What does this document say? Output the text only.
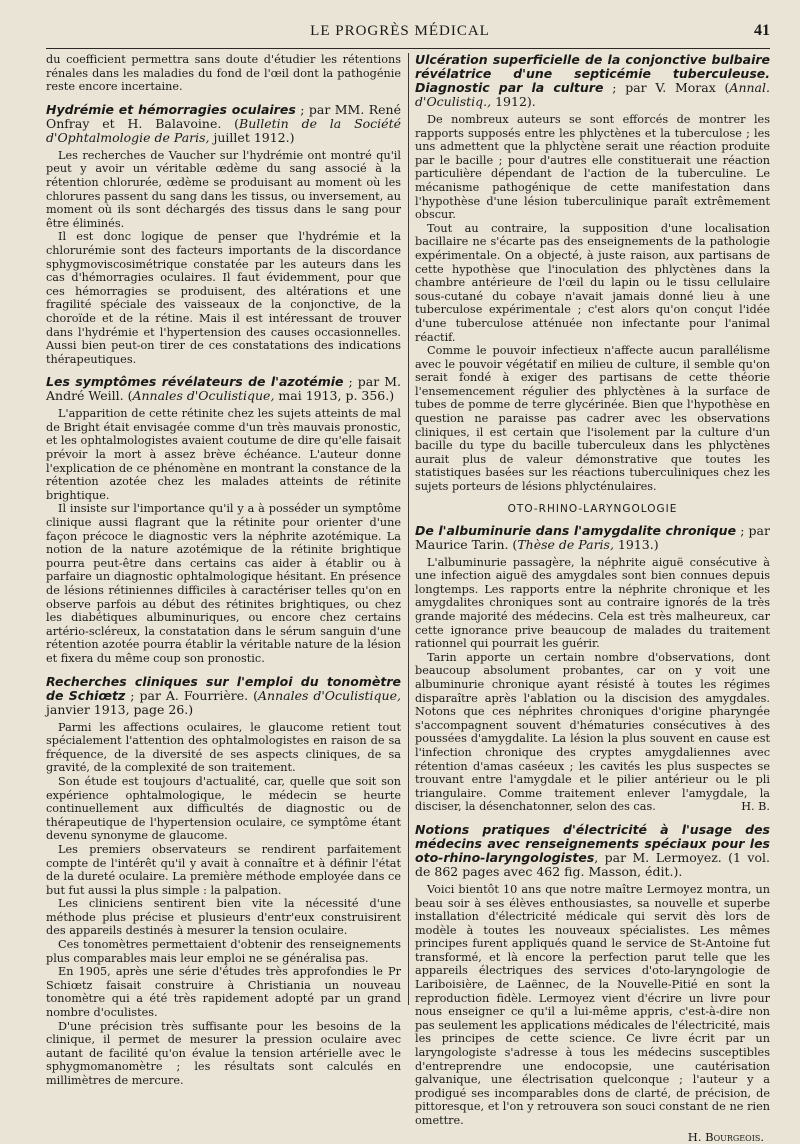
LE PROGRÈS MÉDICAL	41

du coefficient permettra sans doute d'étudier les rétentions rénales dans les maladies du fond de l'œil dont la pathogénie reste encore incertaine.

Hydrémie et hémorragies oculaires ; par MM. René Onfray et H. Balavoine. (Bulletin de la Société d'Ophtalmologie de Paris, juillet 1912.)

Les recherches de Vaucher sur l'hydrémie ont montré qu'il peut y avoir un véritable œdème du sang associé à la rétention chlorurée, œdème se produisant au moment où les chlorures passent du sang dans les tissus, ou inversement, au moment où ils sont déchargés des tissus dans le sang pour être éliminés.

Il est donc logique de penser que l'hydrémie et la chlorurémie sont des facteurs importants de la discordance sphygmoviscosimétrique constatée par les auteurs dans les cas d'hémorragies oculaires. Il faut évidemment, pour que ces hémorragies se produisent, des altérations et une fragilité spéciale des vaisseaux de la conjonctive, de la choroïde et de la rétine. Mais il est intéressant de trouver dans l'hydrémie et l'hypertension des causes occasionnelles. Aussi bien peut-on tirer de ces constatations des indications thérapeutiques.

Les symptômes révélateurs de l'azotémie ; par M. André Weill. (Annales d'Oculistique, mai 1913, p. 356.)

L'apparition de cette rétinite chez les sujets atteints de mal de Bright était envisagée comme d'un très mauvais pronostic, et les ophtalmologistes avaient coutume de dire qu'elle faisait prévoir la mort à assez brève échéance. L'auteur donne l'explication de ce phénomène en montrant la constance de la rétention azotée chez les malades atteints de rétinite brightique.

Il insiste sur l'importance qu'il y a à posséder un symptôme clinique aussi flagrant que la rétinite pour orienter d'une façon précoce le diagnostic vers la néphrite azotémique. La notion de la nature azotémique de la rétinite brightique pourra peut-être dans certains cas aider à établir ou à parfaire un diagnostic ophtalmologique hésitant. En présence de lésions rétiniennes difficiles à caractériser telles qu'on en observe parfois au début des rétinites brightiques, ou chez les diabétiques albuminuriques, ou encore chez certains artério-scléreux, la constatation dans le sérum sanguin d'une rétention azotée pourra établir la véritable nature de la lésion et fixera du même coup son pronostic.

Recherches cliniques sur l'emploi du tonomètre de Schiœtz ; par A. Fourrière. (Annales d'Oculistique, janvier 1913, page 26.)

Parmi les affections oculaires, le glaucome retient tout spécialement l'attention des ophtalmologistes en raison de sa fréquence, de la diversité de ses aspects cliniques, de sa gravité, de la complexité de son traitement.

Son étude est toujours d'actualité, car, quelle que soit son expérience ophtalmologique, le médecin se heurte continuellement aux difficultés de diagnostic ou de thérapeutique de l'hypertension oculaire, ce symptôme étant devenu synonyme de glaucome.

Les premiers observateurs se rendirent parfaitement compte de l'intérêt qu'il y avait à connaître et à définir l'état de la dureté oculaire. La première méthode employée dans ce but fut aussi la plus simple : la palpation.

Les cliniciens sentirent bien vite la nécessité d'une méthode plus précise et plusieurs d'entr'eux construisirent des appareils destinés à mesurer la tension oculaire.

Ces tonomètres permettaient d'obtenir des renseignements plus comparables mais leur emploi ne se généralisa pas.

En 1905, après une série d'études très approfondies le Pr Schiœtz faisait construire à Christiania un nouveau tonomètre qui a été très rapidement adopté par un grand nombre d'oculistes.

D'une précision très suffisante pour les besoins de la clinique, il permet de mesurer la pression oculaire avec autant de facilité qu'on évalue la tension artérielle avec le sphygmomanomètre ; les résultats sont calculés en millimètres de mercure.

Ulcération superficielle de la conjonctive bulbaire révélatrice d'une septicémie tuberculeuse. Diagnostic par la culture ; par V. Morax (Annal. d'Oculistiq., 1912).

De nombreux auteurs se sont efforcés de montrer les rapports supposés entre les phlyctènes et la tuberculose ; les uns admettent que la phlyctène serait une réaction produite par le bacille ; pour d'autres elle constituerait une réaction particulière dépendant de l'action de la tuberculine. Le mécanisme pathogénique de cette manifestation dans l'hypothèse d'une lésion tuberculinique paraît extrêmement obscur.

Tout au contraire, la supposition d'une localisation bacillaire ne s'écarte pas des enseignements de la pathologie expérimentale. On a objecté, à juste raison, aux partisans de cette hypothèse que l'inoculation des phlyctènes dans la chambre antérieure de l'œil du lapin ou le tissu cellulaire sous-cutané du cobaye n'avait jamais donné lieu à une tuberculose expérimentale ; c'est alors qu'on conçut l'idée d'une tuberculose atténuée non infectante pour l'animal réactif.

Comme le pouvoir infectieux n'affecte aucun parallélisme avec le pouvoir végétatif en milieu de culture, il semble qu'on serait fondé à exiger des partisans de cette théorie l'ensemencement régulier des phlyctènes à la surface de tubes de pomme de terre glycérinée. Bien que l'hypothèse en question ne paraisse pas cadrer avec les observations cliniques, il est certain que l'isolement par la culture d'un bacille du type du bacille tuberculeux dans les phlyctènes aurait plus de valeur démonstrative que toutes les statistiques basées sur les réactions tuberculiniques chez les sujets porteurs de lésions phlycténulaires.

OTO-RHINO-LARYNGOLOGIE
De l'albuminurie dans l'amygdalite chronique ; par Maurice Tarin. (Thèse de Paris, 1913.)

L'albuminurie passagère, la néphrite aiguë consécutive à une infection aiguë des amygdales sont bien connues depuis longtemps. Les rapports entre la néphrite chronique et les amygdalites chroniques sont au contraire ignorés de la très grande majorité des médecins. Cela est très malheureux, car cette ignorance prive beaucoup de malades du traitement rationnel qui pourrait les guérir.

Tarin apporte un certain nombre d'observations, dont beaucoup absolument probantes, car on y voit une albuminurie chronique ayant résisté à toutes les régimes disparaître après l'ablation ou la discision des amygdales. Notons que ces néphrites chroniques d'origine pharyngée s'accompagnent souvent d'hématuries consécutives à des poussées d'amygdalite. La lésion la plus souvent en cause est l'infection chronique des cryptes amygdaliennes avec rétention d'amas caséeux ; les cavités les plus suspectes se trouvant entre l'amygdale et le pilier antérieur ou le pli triangulaire. Comme traitement enlever l'amygdale, la disciser, la désenchatonner, selon des cas.	H. B.

Notions pratiques d'électricité à l'usage des médecins avec renseignements spéciaux pour les oto-rhino-laryngologistes, par M. Lermoyez. (1 vol. de 862 pages avec 462 fig. Masson, édit.).

Voici bientôt 10 ans que notre maître Lermoyez montra, un beau soir à ses élèves enthousiastes, sa nouvelle et superbe installation d'électricité médicale qui servit dès lors de modèle à toutes les nouveaux spécialistes. Les mêmes principes furent appliqués quand le service de St-Antoine fut transformé, et là encore la perfection parut telle que les appareils électriques des services d'oto-laryngologie de Lariboisière, de Laënnec, de la Nouvelle-Pitié en sont la reproduction fidèle. Lermoyez vient d'écrire un livre pour nous enseigner ce qu'il a lui-même appris, c'est-à-dire non pas seulement les applications médicales de l'électricité, mais les principes de cette science. Ce livre écrit par un laryngologiste s'adresse à tous les médecins susceptibles d'entreprendre une endocopsie, une cautérisation galvanique, une électrisation quelconque ; l'auteur y a prodigué ses incomparables dons de clarté, de précision, de pittoresque, et l'on y retrouvera son souci constant de ne rien omettre.

H. Bourgeois.
